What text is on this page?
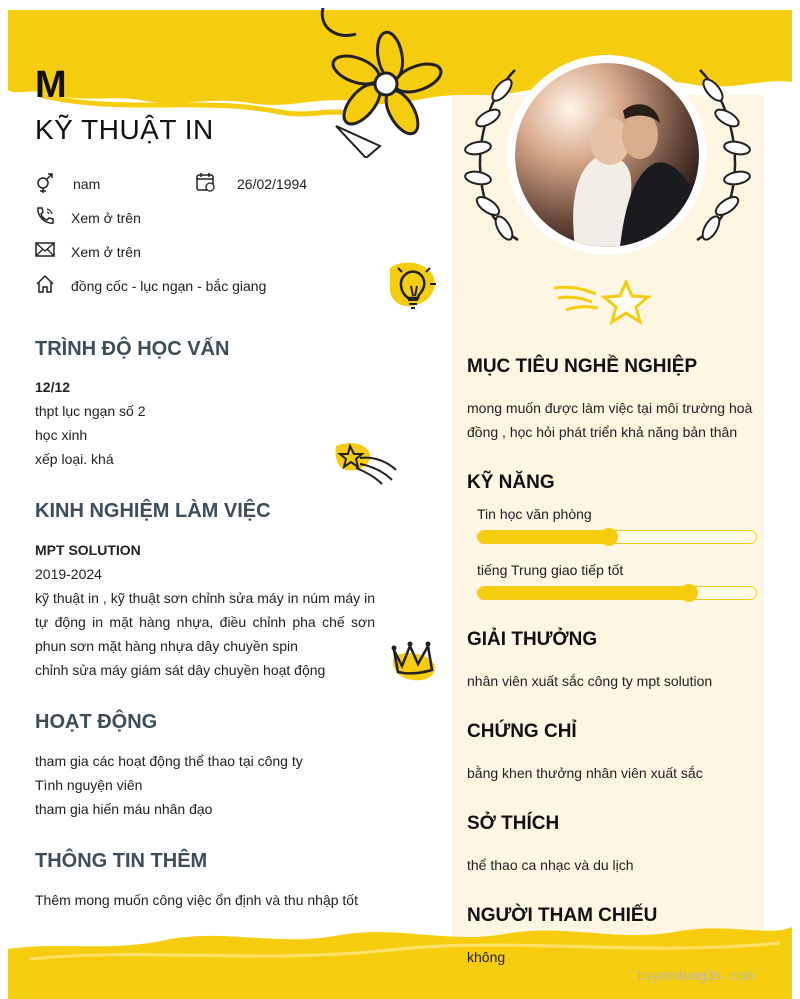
M
KỸ THUẬT IN
nam	26/02/1994
Xem ở trên
Xem ở trên
đồng cốc - lục ngạn - bắc giang
TRÌNH ĐỘ HỌC VẤN
12/12
thpt lục ngạn số 2
học xinh
xếp loại. khá
KINH NGHIỆM LÀM VIỆC
MPT SOLUTION
2019-2024
kỹ thuật in , kỹ thuật sơn chỉnh sửa máy in núm máy in tự động in mặt hàng nhựa, điều chỉnh pha chế sơn phun sơn mặt hàng nhựa dây chuyền spin
chỉnh sửa máy giám sát dây chuyền hoạt động
HOẠT ĐỘNG
tham gia các hoạt động thể thao tại công ty
Tình nguyện viên
tham gia hiến máu nhân đạo
THÔNG TIN THÊM
Thêm mong muốn công việc ổn định và thu nhập tốt
MỤC TIÊU NGHỀ NGHIỆP
mong muốn được làm việc tại môi trường hoà đồng , học hỏi phát triển khả năng bản thân
KỸ NĂNG
Tin học văn phòng
tiếng Trung giao tiếp tốt
GIẢI THƯỞNG
nhân viên xuất sắc công ty mpt solution
CHỨNG CHỈ
bằng khen thưởng nhân viên xuất sắc
SỞ THÍCH
thể thao ca nhạc và du lịch
NGƯỜI THAM CHIẾU
không
tuyendung3s.com
